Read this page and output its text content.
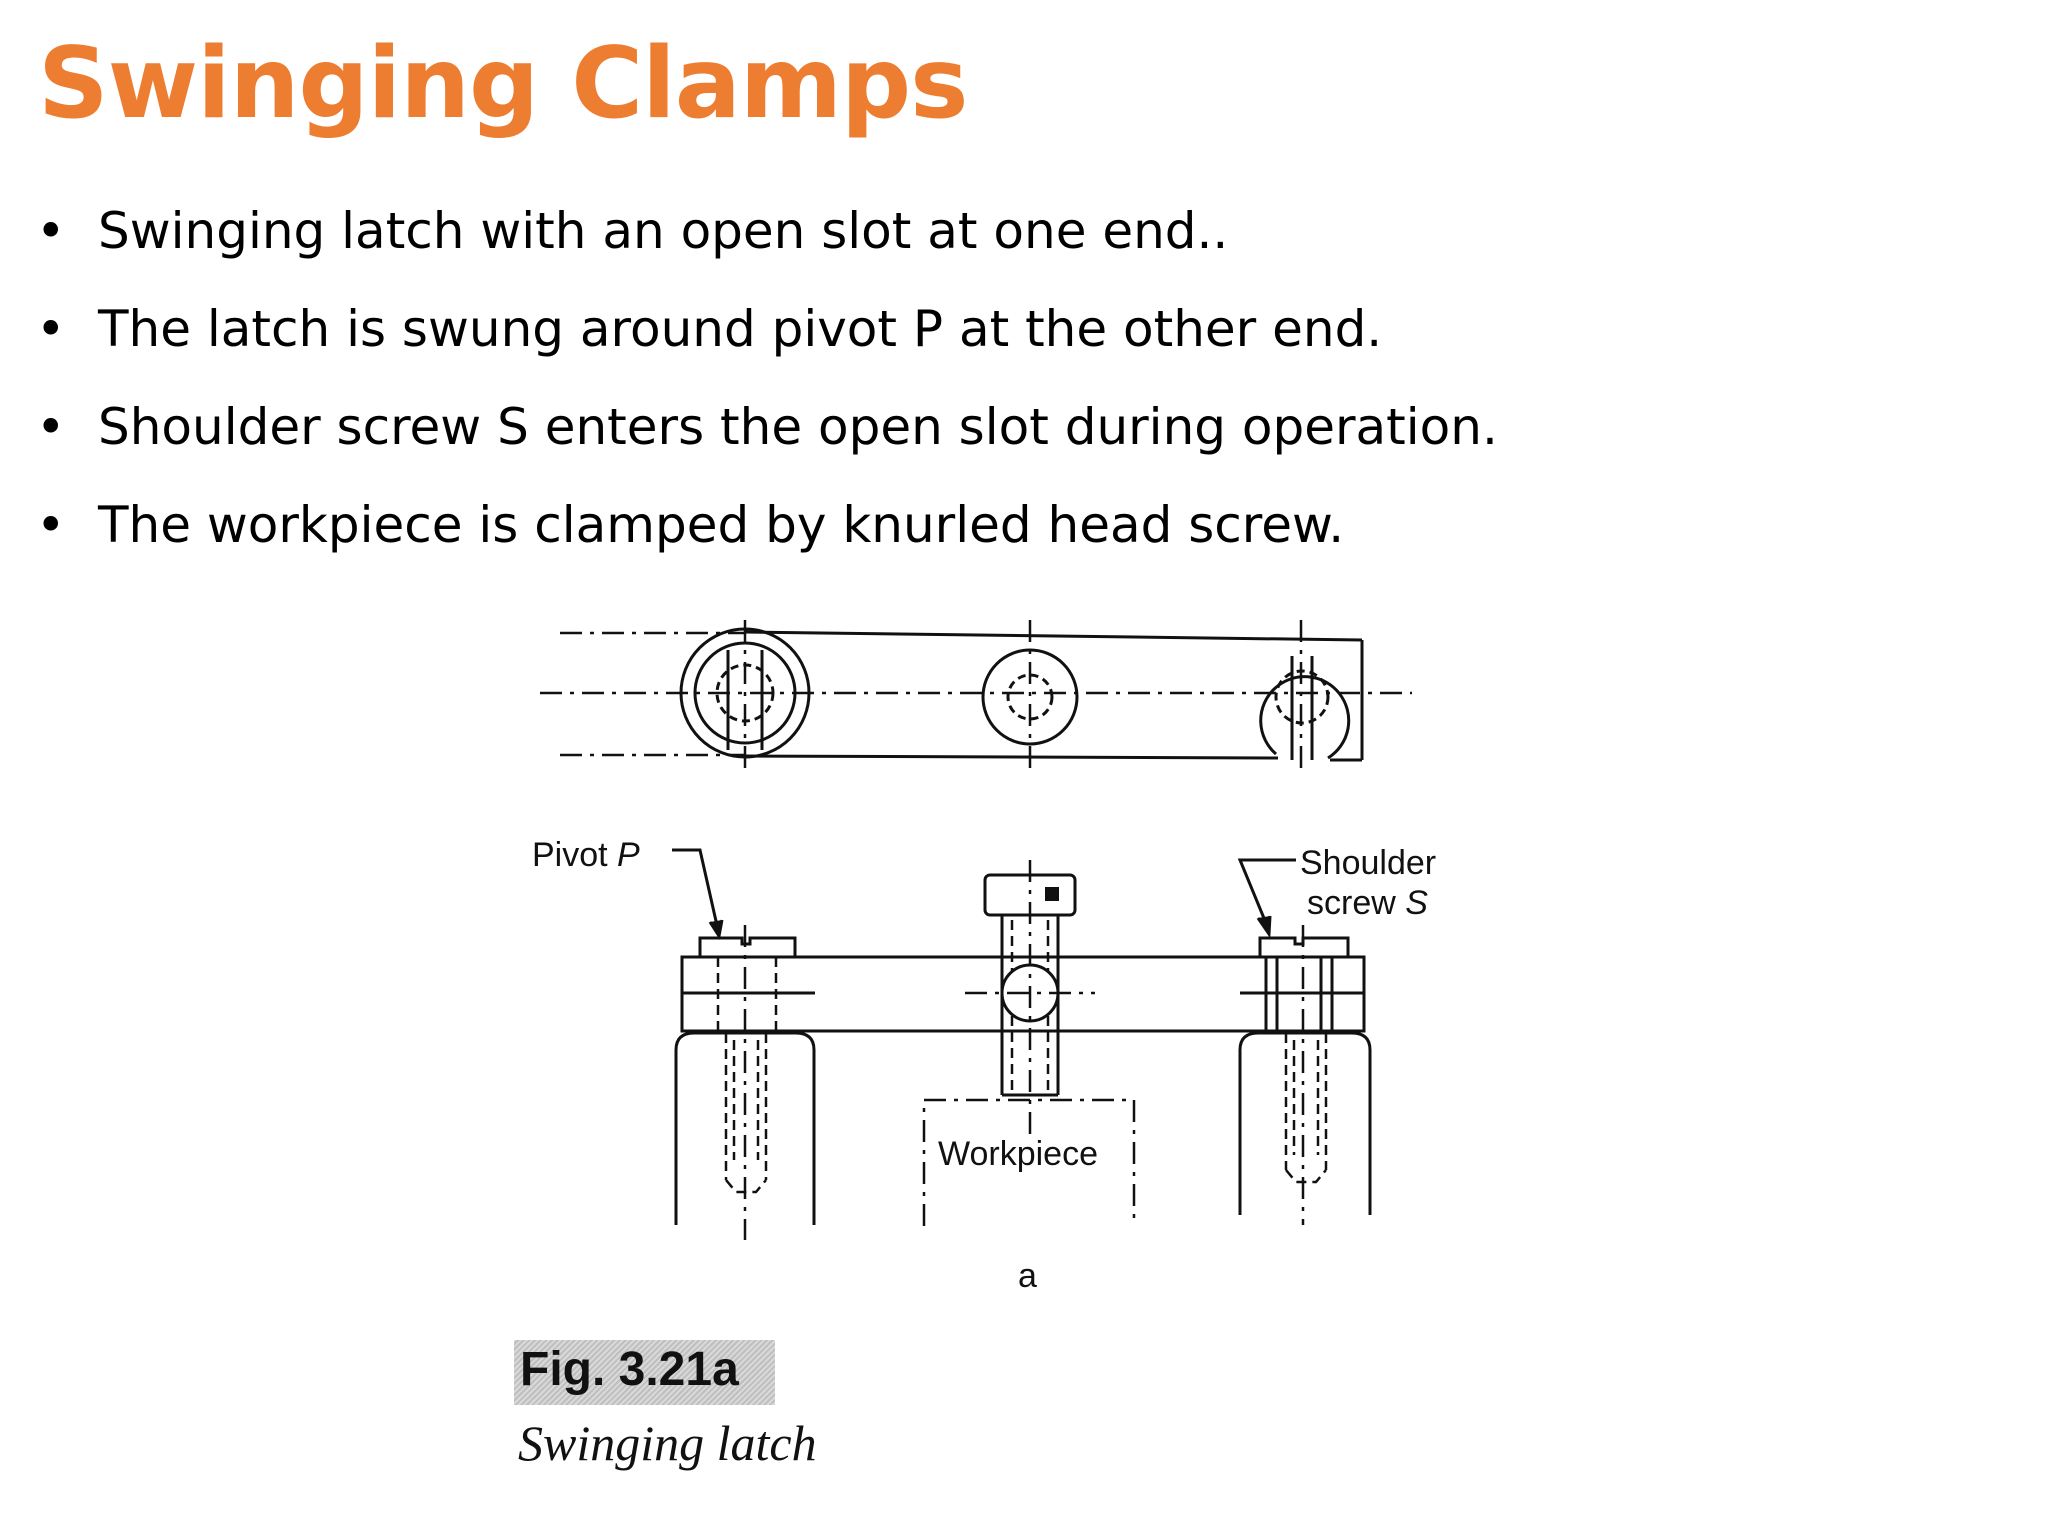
Swinging Clamps
• Swinging latch with an open slot at one end..
• The latch is swung around pivot P at the other end.
• Shoulder screw S enters the open slot during operation.
• The workpiece is clamped by knurled head screw.
Pivot P	Shoulder
screw S
Workpiece
a
Fig. 3.21a
Swinging latch
